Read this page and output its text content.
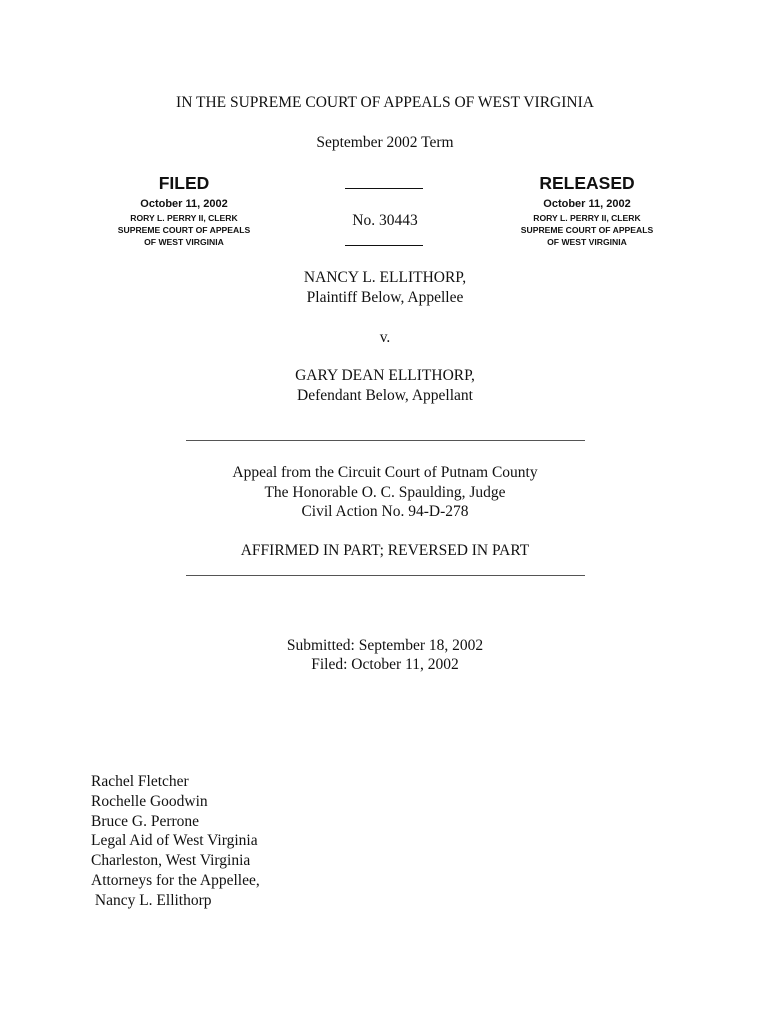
IN THE SUPREME COURT OF APPEALS OF WEST VIRGINIA
September 2002 Term
FILED
October 11, 2002
RORY L. PERRY II, CLERK
SUPREME COURT OF APPEALS
OF WEST VIRGINIA
No. 30443
RELEASED
October 11, 2002
RORY L. PERRY II, CLERK
SUPREME COURT OF APPEALS
OF WEST VIRGINIA
NANCY L. ELLITHORP,
Plaintiff Below, Appellee
v.
GARY DEAN ELLITHORP,
Defendant Below, Appellant
Appeal from the Circuit Court of Putnam County
The Honorable O. C. Spaulding, Judge
Civil Action No. 94-D-278
AFFIRMED IN PART; REVERSED IN PART
Submitted: September 18, 2002
Filed: October 11, 2002
Rachel Fletcher
Rochelle Goodwin
Bruce G. Perrone
Legal Aid of West Virginia
Charleston, West Virginia
Attorneys for the Appellee,
Nancy L. Ellithorp
